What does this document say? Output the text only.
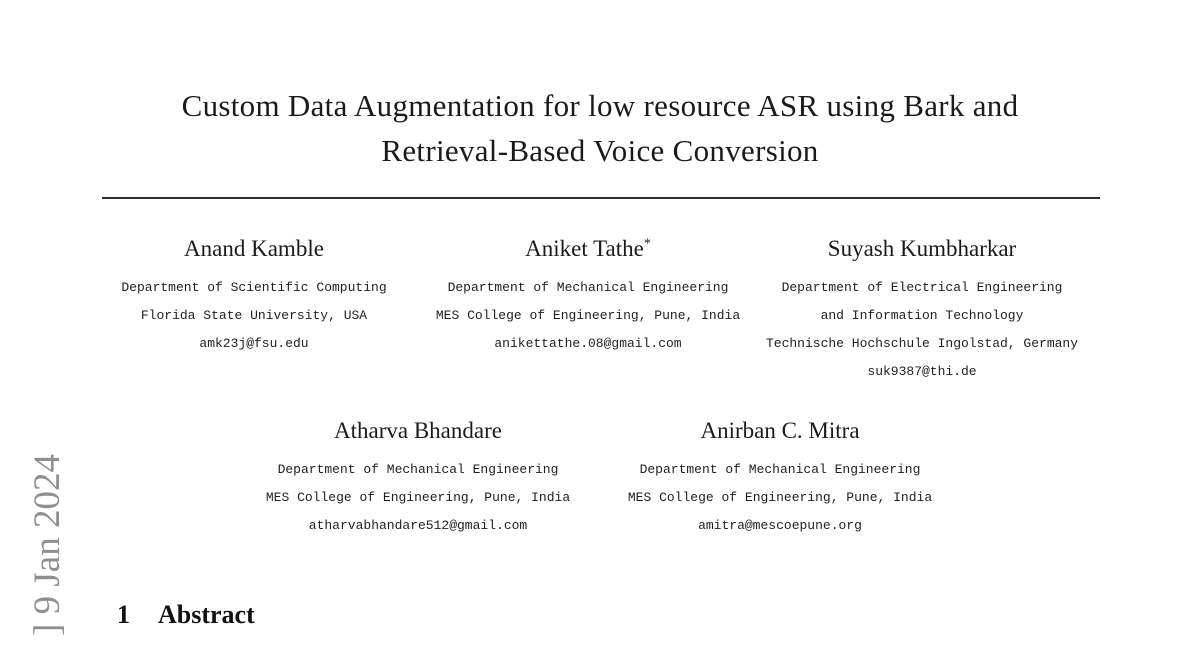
] 9 Jan 2024
Custom Data Augmentation for low resource ASR using Bark and Retrieval-Based Voice Conversion
Anand Kamble
Department of Scientific Computing
Florida State University, USA
amk23j@fsu.edu
Aniket Tathe*
Department of Mechanical Engineering
MES College of Engineering, Pune, India
anikettathe.08@gmail.com
Suyash Kumbharkar
Department of Electrical Engineering
and Information Technology
Technische Hochschule Ingolstad, Germany
suk9387@thi.de
Atharva Bhandare
Department of Mechanical Engineering
MES College of Engineering, Pune, India
atharvabhandare512@gmail.com
Anirban C. Mitra
Department of Mechanical Engineering
MES College of Engineering, Pune, India
amitra@mescoepune.org
1 Abstract
